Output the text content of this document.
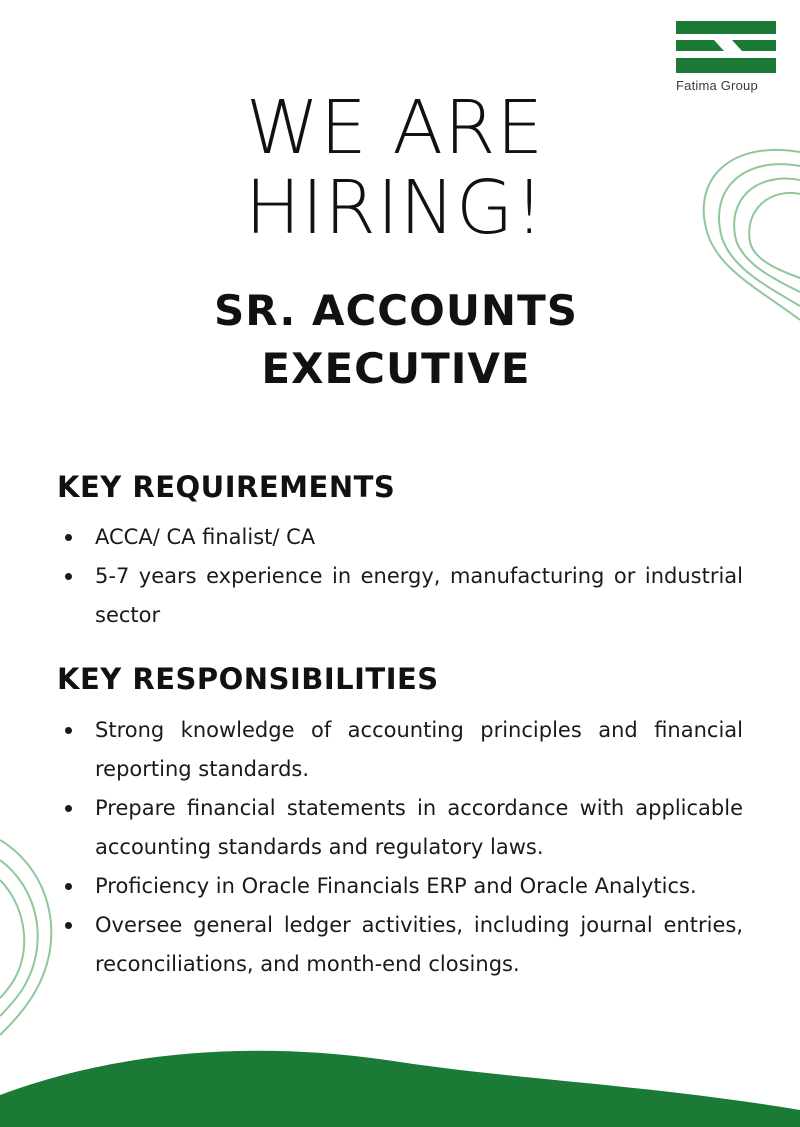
Fatima Group
WE ARE
HIRING!
SR. ACCOUNTS
EXECUTIVE
KEY REQUIREMENTS
ACCA/ CA finalist/ CA
5-7 years experience in energy, manufacturing or industrial sector
KEY RESPONSIBILITIES
Strong knowledge of accounting principles and financial reporting standards.
Prepare financial statements in accordance with applicable accounting standards and regulatory laws.
Proficiency in Oracle Financials ERP and Oracle Analytics.
Oversee general ledger activities, including journal entries, reconciliations, and month-end closings.
